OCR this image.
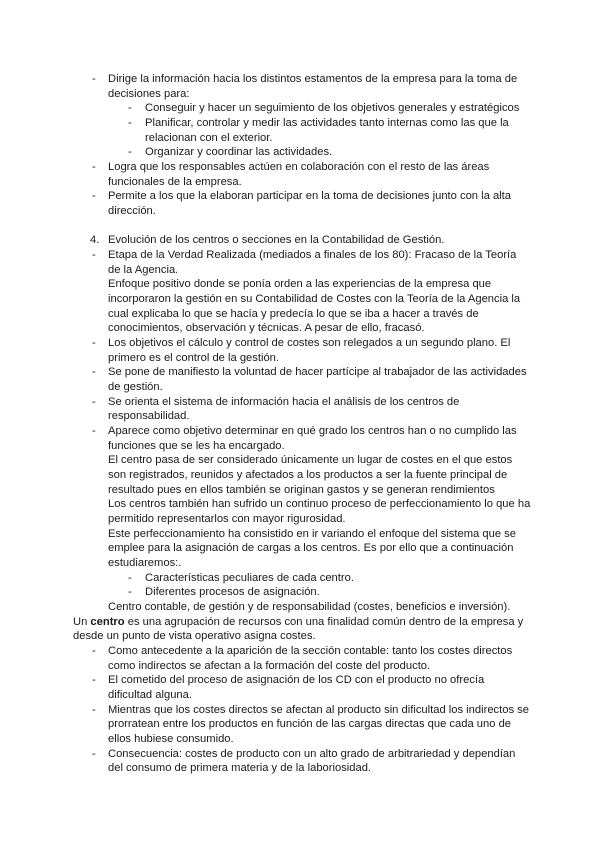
- Dirige la información hacia los distintos estamentos de la empresa para la toma de
decisiones para:
- Conseguir y hacer un seguimiento de los objetivos generales y estratégicos
- Planificar, controlar y medir las actividades tanto internas como las que la
relacionan con el exterior.
- Organizar y coordinar las actividades.
- Logra que los responsables actúen en colaboración con el resto de las áreas
funcionales de la empresa.
- Permite a los que la elaboran participar en la toma de decisiones junto con la alta
dirección.
4. Evolución de los centros o secciones en la Contabilidad de Gestión.
- Etapa de la Verdad Realizada (mediados a finales de los 80): Fracaso de la Teoría
de la Agencia.
Enfoque positivo donde se ponía orden a las experiencias de la empresa que
incorporaron la gestión en su Contabilidad de Costes con la Teoría de la Agencia la
cual explicaba lo que se hacía y predecía lo que se iba a hacer a través de
conocimientos, observación y técnicas. A pesar de ello, fracasó.
- Los objetivos el cálculo y control de costes son relegados a un segundo plano. El
primero es el control de la gestión.
- Se pone de manifiesto la voluntad de hacer partícipe al trabajador de las actividades
de gestión.
- Se orienta el sistema de información hacia el análisis de los centros de
responsabilidad.
- Aparece como objetivo determinar en qué grado los centros han o no cumplido las
funciones que se les ha encargado.
El centro pasa de ser considerado únicamente un lugar de costes en el que estos
son registrados, reunidos y afectados a los productos a ser la fuente principal de
resultado pues en ellos también se originan gastos y se generan rendimientos
Los centros también han sufrido un continuo proceso de perfeccionamiento lo que ha
permitido representarlos con mayor rigurosidad.
Este perfeccionamiento ha consistido en ir variando el enfoque del sistema que se
emplee para la asignación de cargas a los centros. Es por ello que a continuación
estudiaremos:.
- Características peculiares de cada centro.
- Diferentes procesos de asignación.
Centro contable, de gestión y de responsabilidad (costes, beneficios e inversión).
Un centro es una agrupación de recursos con una finalidad común dentro de la empresa y
desde un punto de vista operativo asigna costes.
- Como antecedente a la aparición de la sección contable: tanto los costes directos
como indirectos se afectan a la formación del coste del producto.
- El cometido del proceso de asignación de los CD con el producto no ofrecía
dificultad alguna.
- Mientras que los costes directos se afectan al producto sin dificultad los indirectos se
prorratean entre los productos en función de las cargas directas que cada uno de
ellos hubiese consumido.
- Consecuencia: costes de producto con un alto grado de arbitrariedad y dependían
del consumo de primera materia y de la laboriosidad.
